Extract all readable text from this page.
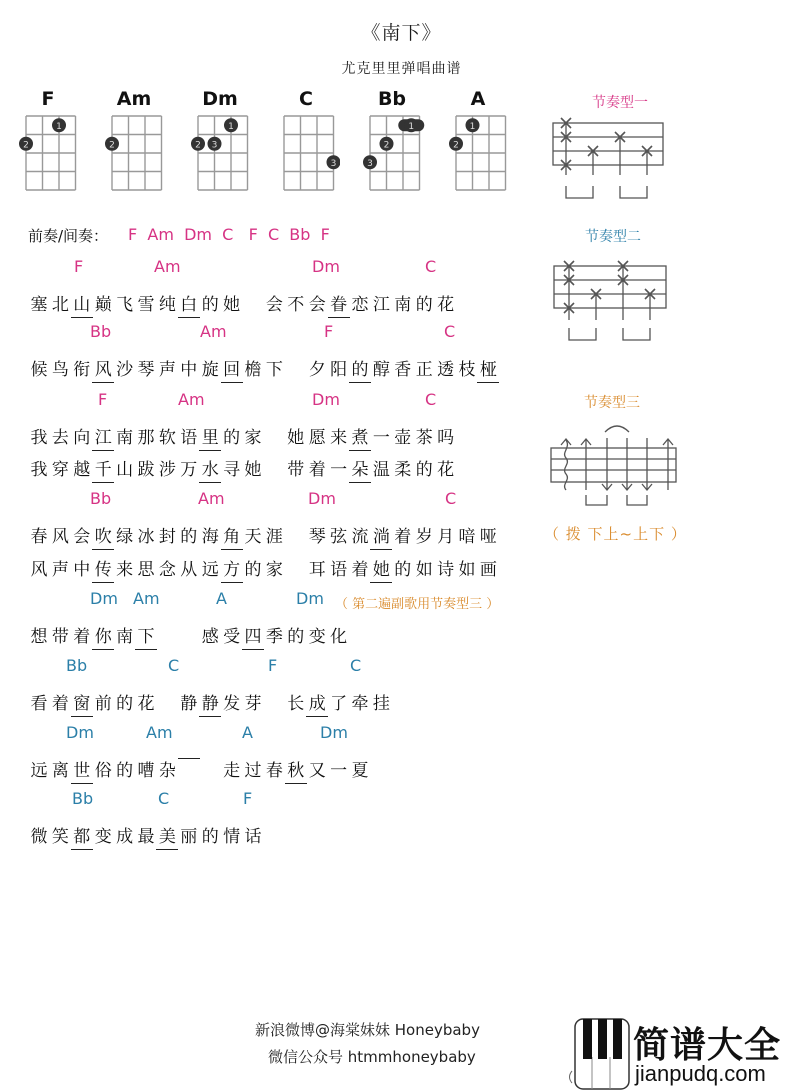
《南下》
尤克里里弹唱曲谱
F
1
2
Am
2
Dm
1
2 3
C
3
Bb
1
2
3
A
1
2
节奏型一
节奏型二
节奏型三
（ 拨 下上~上下 ）
前奏/间奏： F  Am  Dm  C   F  C  Bb  F
F	Am	Dm	C
塞 北 山 巅 飞 雪 纯 白 的 她 会 不 会 眷 恋 江 南 的 花
Bb	Am	F	C
候 鸟 衔 风 沙 琴 声 中 旋 回 檐 下 夕 阳 的 醇 香 正 透 枝 桠
F	Am	Dm	C
我 去 向 江 南 那 软 语 里 的 家 她 愿 来 煮 一 壶 茶 吗
我 穿 越 千 山 跋 涉 万 水 寻 她 带 着 一 朵 温 柔 的 花
Bb	Am	Dm	C
春 风 会 吹 绿 冰 封 的 海 角 天 涯 琴 弦 流 淌 着 岁 月 喑 哑
风 声 中 传 来 思 念 从 远 方 的 家 耳 语 着 她 的 如 诗 如 画
Dm Am	A	Dm
想 带 着 你 南 下	感 受 四 季 的 变 化
Bb	C	F	C
看 着 窗 前 的 花 静 静 发 芽 长 成 了 牵 挂
Dm	Am	A	Dm
远 离 世 俗 的 嘈 杂	走 过 春 秋 又 一 夏
Bb	C	F
微 笑 都 变 成 最 美 丽 的 情 话
（ 第二遍副歌用节奏型三 ）
新浪微博@海棠妹妹 Honeybaby
微信公众号 htmmhoneybaby	简谱大全
jianpudq.com
